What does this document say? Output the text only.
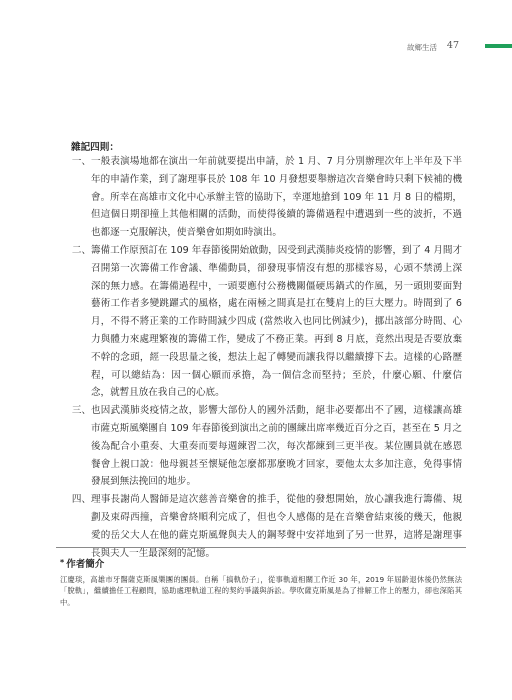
故鄉生活 47
雜記四則：
一、 一般表演場地都在演出一年前就要提出申請，於 1 月、7 月分別辦理次年上半年及下半年的申請作業，到了謝理事長於 108 年 10 月發想要舉辦這次音樂會時只剩下候補的機會。所幸在高雄市文化中心承辦主管的協助下，幸運地搶到 109 年 11 月 8 日的檔期，但這個日期卻撞上其他相關的活動，而使得後續的籌備過程中遭遇到一些的波折，不過也都逐一克服解決，使音樂會如期如時演出。
二、 籌備工作原預訂在 109 年春節後開始啟動，因受到武漢肺炎疫情的影響，到了 4 月間才召開第一次籌備工作會議、準備動員，卻發現事情沒有想的那樣容易，心頭不禁湧上深深的無力感。在籌備過程中，一頭要應付公務機關僵硬馬鍋式的作風，另一頭則要面對藝術工作者多變跳躍式的風格，處在兩極之間真是扛在雙肩上的巨大壓力。時間到了 6 月，不得不將正業的工作時間減少四成 (當然收入也同比例減少)，挪出該部分時間、心力與體力來處理繁複的籌備工作，變成了不務正業。再到 8 月底，竟然出現是否要放棄不幹的念頭，經一段思量之後，想法上起了轉變而讓我得以繼續撐下去。這樣的心路歷程，可以總結為：因一個心願而承擔，為一個信念而堅持；至於，什麼心願、什麼信念，就暫且放在我自己的心底。
三、 也因武漢肺炎疫情之故，影響大部份人的國外活動，絕非必要都出不了國，這樣讓高雄市薩克斯風樂團自 109 年春節後到演出之前的團練出席率幾近百分之百，甚至在 5 月之後為配合小重奏、大重奏而要每週練習二次，每次都練到三更半夜。某位團員就在感恩餐會上親口說：他母親甚至懷疑他怎麼都那麼晚才回家，要他太太多加注意，免得事情發展到無法挽回的地步。
四、 理事長謝尚人醫師是這次慈善音樂會的推手，從他的發想開始，放心讓我進行籌備、規劃及束碍西撞，音樂會終順利完成了，但也令人感傷的是在音樂會結束後的幾天，他親愛的岳父大人在他的薩克斯風聲與夫人的鋼琴聲中安祥地到了另一世界，這將是謝理事長與夫人一生最深刻的記憶。
* 作者簡介
江慶琰，高雄市牙醫薩克斯風樂團的團員。自稱「搞軌份子」，從事軌道相關工作近 30 年，2019 年屆齡退休後仍然無法「脫軌」，繼續擔任工程顧問，協助處理軌道工程的契約爭議與訴訟。學吹薩克斯風是為了排解工作上的壓力，卻也深陷其中。
